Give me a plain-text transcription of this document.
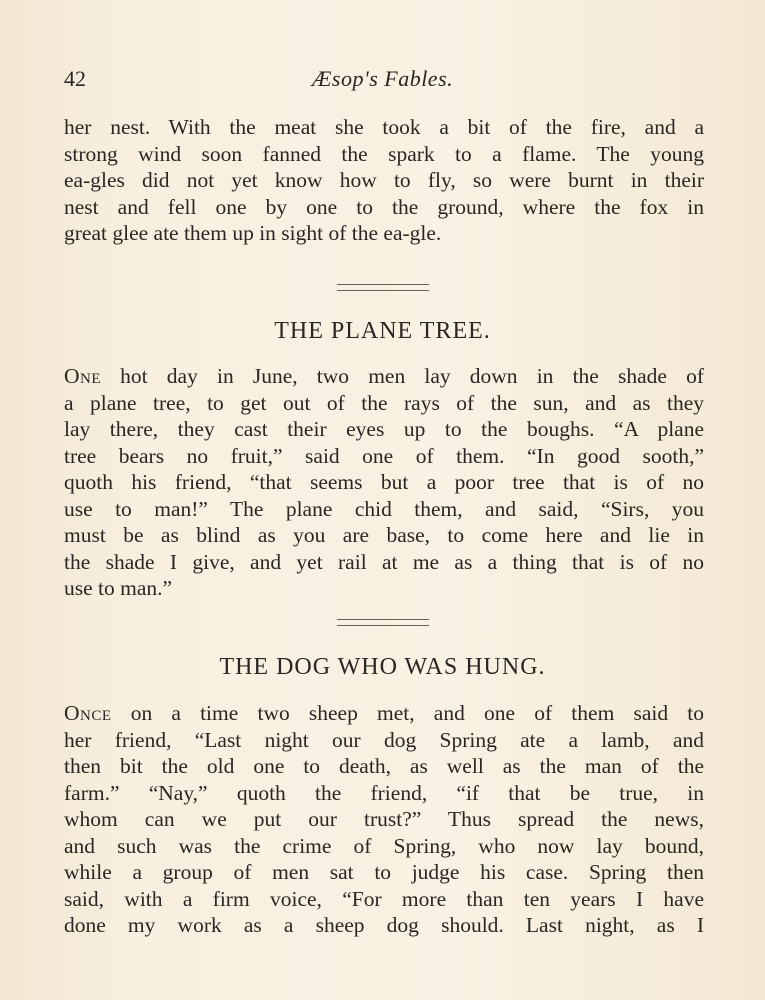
42	Æsop's Fables.
her nest. With the meat she took a bit of the fire, and a
strong wind soon fanned the spark to a flame. The young
ea-gles did not yet know how to fly, so were burnt in their
nest and fell one by one to the ground, where the fox in
great glee ate them up in sight of the ea-gle.
THE PLANE TREE.
One hot day in June, two men lay down in the shade of
a plane tree, to get out of the rays of the sun, and as they
lay there, they cast their eyes up to the boughs. “A plane
tree bears no fruit,” said one of them. “In good sooth,”
quoth his friend, “that seems but a poor tree that is of no
use to man!” The plane chid them, and said, “Sirs, you
must be as blind as you are base, to come here and lie in
the shade I give, and yet rail at me as a thing that is of no
use to man.”
THE DOG WHO WAS HUNG.
Once on a time two sheep met, and one of them said to
her friend, “Last night our dog Spring ate a lamb, and
then bit the old one to death, as well as the man of the
farm.” “Nay,” quoth the friend, “if that be true, in
whom can we put our trust?” Thus spread the news,
and such was the crime of Spring, who now lay bound,
while a group of men sat to judge his case. Spring then
said, with a firm voice, “For more than ten years I have
done my work as a sheep dog should. Last night, as I
